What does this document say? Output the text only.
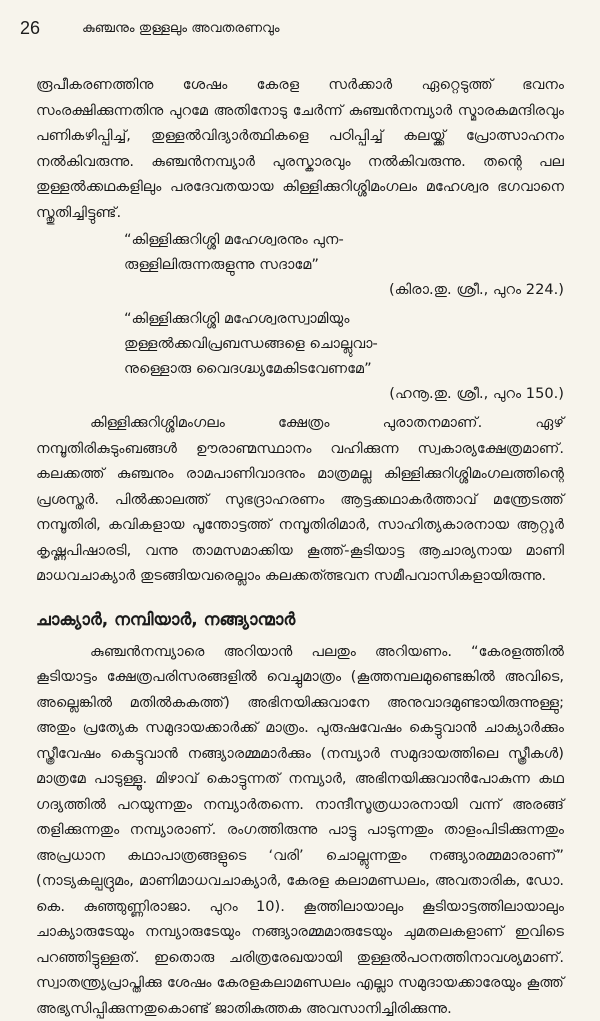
26	കുഞ്ചനും തുള്ളലും അവതരണവും

രൂപീകരണത്തിനു ശേഷം കേരള സർക്കാർ ഏറ്റെടുത്ത് ഭവനം സംരക്ഷിക്കുന്നതിനു പുറമേ അതിനോടു ചേർന്ന് കുഞ്ചൻനമ്പ്യാർ സ്മാരകമന്ദിരവും പണികഴിപ്പിച്ച്, തുള്ളൽവിദ്യാർത്ഥികളെ പഠിപ്പിച്ച് കലയ്ക്ക് പ്രോത്സാഹനം നൽകിവരുന്നു. കുഞ്ചൻനമ്പ്യാർ പുരസ്കാരവും നൽകിവരുന്നു. തന്റെ പല തുള്ളൽക്കഥകളിലും പരദേവതയായ കിള്ളിക്കുറിശ്ശിമംഗലം മഹേശ്വര ഭഗവാനെ സ്തുതിച്ചിട്ടുണ്ട്.

“കിള്ളിക്കുറിശ്ശി മഹേശ്വരനും പുന-
രുള്ളിലിരുന്നരുളുന്നു സദാമേ”
(കിരാ.തു. ശ്രീ., പുറം 224.)
“കിള്ളിക്കുറിശ്ശി മഹേശ്വരസ്വാമിയും
തുള്ളൽക്കവിപ്രബന്ധങ്ങളെ ചൊല്ലുവാ-
നുള്ളൊരു വൈദഗ്ദ്ധ്യമേകിടവേണമേ”
(ഹനൂ.തു. ശ്രീ., പുറം 150.)

കിള്ളിക്കുറിശ്ശിമംഗലം ക്ഷേത്രം പുരാതനമാണ്. ഏഴ് നമ്പൂതിരികുടുംബങ്ങൾ ഊരാണ്മസ്ഥാനം വഹിക്കുന്ന സ്വകാര്യക്ഷേത്രമാണ്. കലക്കത്ത് കുഞ്ചനും രാമപാണിവാദനും മാത്രമല്ല കിള്ളിക്കുറിശ്ശിമംഗലത്തിന്റെ പ്രശസ്തർ. പിൽക്കാലത്ത് സുഭദ്രാഹരണം ആട്ടക്കഥാകർത്താവ് മന്ത്രേടത്ത് നമ്പൂതിരി, കവികളായ പൂന്തോട്ടത്ത് നമ്പൂതിരിമാർ, സാഹിത്യകാരനായ ആറ്റൂർ കൃഷ്ണപിഷാരടി, വന്നു താമസമാക്കിയ കൂത്ത്-കൂടിയാട്ട ആചാര്യനായ മാണി മാധവചാക്യാർ തുടങ്ങിയവരെല്ലാം കലക്കത്ത്ഭവന സമീപവാസികളായിരുന്നു.

ചാക്യാർ, നമ്പിയാർ, നങ്ങ്യാന്മാർ

കുഞ്ചൻനമ്പ്യാരെ അറിയാൻ പലതും അറിയണം. “കേരളത്തിൽ കൂടിയാട്ടം ക്ഷേത്രപരിസരങ്ങളിൽ വെച്ചുമാത്രം (കൂത്തമ്പലമുണ്ടെങ്കിൽ അവിടെ, അല്ലെങ്കിൽ മതിൽകകത്ത്) അഭിനയിക്കുവാനേ അനുവാദമുണ്ടായിരുന്നുള്ളു; അതും പ്രത്യേക സമുദായക്കാർക്ക് മാത്രം. പുരുഷവേഷം കെട്ടുവാൻ ചാക്യാർക്കും സ്ത്രീവേഷം കെട്ടുവാൻ നങ്ങ്യാരമ്മമാർക്കും (നമ്പ്യാർ സമുദായത്തിലെ സ്ത്രീകൾ) മാത്രമേ പാടുള്ളൂ. മിഴാവ് കൊട്ടുന്നത് നമ്പ്യാർ, അഭിനയിക്കുവാൻപോകുന്ന കഥ ഗദ്യത്തിൽ പറയുന്നതും നമ്പ്യാർതന്നെ. നാന്ദീസൂത്രധാരനായി വന്ന് അരങ്ങ് തളിക്കുന്നതും നമ്പ്യാരാണ്. രംഗത്തിരുന്നു പാട്ടു പാടുന്നതും താളംപിടിക്കുന്നതും അപ്രധാന കഥാപാത്രങ്ങളുടെ ‘വരി’ ചൊല്ലുന്നതും നങ്ങ്യാരമ്മമാരാണ്” (നാട്യകല്പദ്രുമം, മാണിമാധവചാക്യാർ, കേരള കലാമണ്ഡലം, അവതാരിക, ഡോ. കെ. കുഞ്ഞുണ്ണിരാജാ. പുറം 10). കൂത്തിലായാലും കൂടിയാട്ടത്തിലായാലും ചാക്യാരുടേയും നമ്പ്യാരുടേയും നങ്ങ്യാരമ്മമാരുടേയും ചുമതലകളാണ് ഇവിടെ പറഞ്ഞിട്ടുള്ളത്. ഇതൊരു ചരിത്രരേഖയായി തുള്ളൽപഠനത്തിനാവശ്യമാണ്. സ്വാതന്ത്ര്യപ്രാപ്തിക്കു ശേഷം കേരളകലാമണ്ഡലം എല്ലാ സമുദായക്കാരേയും കൂത്ത് അഭ്യസിപ്പിക്കുന്നതുകൊണ്ട് ജാതികുത്തക അവസാനിച്ചിരിക്കുന്നു.
